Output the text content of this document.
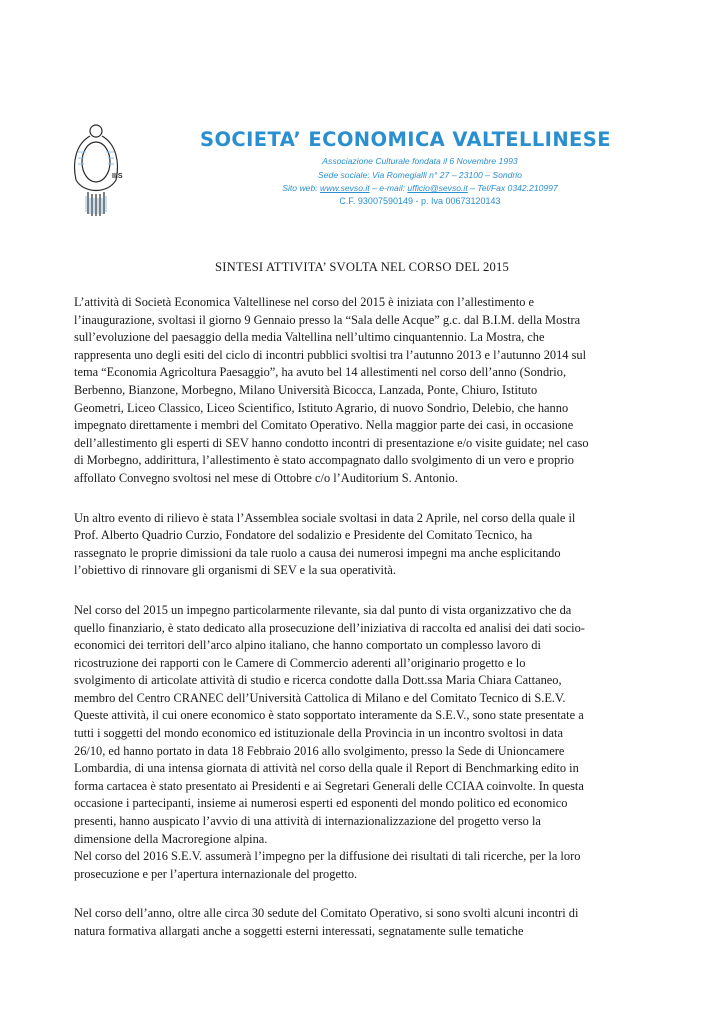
IIIS
SOCIETA’ ECONOMICA VALTELLINESE
Associazione Culturale fondata il 6 Novembre 1993
Sede sociale: Via Romegialli n° 27 – 23100 – Sondrio
Sito web: www.sevso.it – e-mail: ufficio@sevso.it – Tel/Fax 0342.210997
C.F. 93007590149 - p. Iva 00673120143
SINTESI ATTIVITA’ SVOLTA NEL CORSO DEL 2015

L’attività di Società Economica Valtellinese nel corso del 2015 è iniziata con l’allestimento e
l’inaugurazione, svoltasi il giorno 9 Gennaio presso la “Sala delle Acque” g.c. dal B.I.M. della Mostra
sull’evoluzione del paesaggio della media Valtellina nell’ultimo cinquantennio. La Mostra, che
rappresenta uno degli esiti del ciclo di incontri pubblici svoltisi tra l’autunno 2013 e l’autunno 2014 sul
tema “Economia Agricoltura Paesaggio”, ha avuto bel 14 allestimenti nel corso dell’anno (Sondrio,
Berbenno, Bianzone, Morbegno, Milano Università Bicocca, Lanzada, Ponte, Chiuro, Istituto
Geometri, Liceo Classico, Liceo Scientifico, Istituto Agrario, di nuovo Sondrio, Delebio, che hanno
impegnato direttamente i membri del Comitato Operativo. Nella maggior parte dei casi, in occasione
dell’allestimento gli esperti di SEV hanno condotto incontri di presentazione e/o visite guidate; nel caso
di Morbegno, addirittura, l’allestimento è stato accompagnato dallo svolgimento di un vero e proprio
affollato Convegno svoltosi nel mese di Ottobre c/o l’Auditorium S. Antonio.

Un altro evento di rilievo è stata l’Assemblea sociale svoltasi in data 2 Aprile, nel corso della quale il
Prof. Alberto Quadrio Curzio, Fondatore del sodalizio e Presidente del Comitato Tecnico, ha
rassegnato le proprie dimissioni da tale ruolo a causa dei numerosi impegni ma anche esplicitando
l’obiettivo di rinnovare gli organismi di SEV e la sua operatività.

Nel corso del 2015 un impegno particolarmente rilevante, sia dal punto di vista organizzativo che da
quello finanziario, è stato dedicato alla prosecuzione dell’iniziativa di raccolta ed analisi dei dati socio-
economici dei territori dell’arco alpino italiano, che hanno comportato un complesso lavoro di
ricostruzione dei rapporti con le Camere di Commercio aderenti all’originario progetto e lo
svolgimento di articolate attività di studio e ricerca condotte dalla Dott.ssa Maria Chiara Cattaneo,
membro del Centro CRANEC dell’Università Cattolica di Milano e del Comitato Tecnico di S.E.V.
Queste attività, il cui onere economico è stato sopportato interamente da S.E.V., sono state presentate a
tutti i soggetti del mondo economico ed istituzionale della Provincia in un incontro svoltosi in data
26/10, ed hanno portato in data 18 Febbraio 2016 allo svolgimento, presso la Sede di Unioncamere
Lombardia, di una intensa giornata di attività nel corso della quale il Report di Benchmarking edito in
forma cartacea è stato presentato ai Presidenti e ai Segretari Generali delle CCIAA coinvolte. In questa
occasione i partecipanti, insieme ai numerosi esperti ed esponenti del mondo politico ed economico
presenti, hanno auspicato l’avvio di una attività di internazionalizzazione del progetto verso la
dimensione della Macroregione alpina.

Nel corso del 2016 S.E.V. assumerà l’impegno per la diffusione dei risultati di tali ricerche, per la loro
prosecuzione e per l’apertura internazionale del progetto.

Nel corso dell’anno, oltre alle circa 30 sedute del Comitato Operativo, si sono svolti alcuni incontri di
natura formativa allargati anche a soggetti esterni interessati, segnatamente sulle tematiche
